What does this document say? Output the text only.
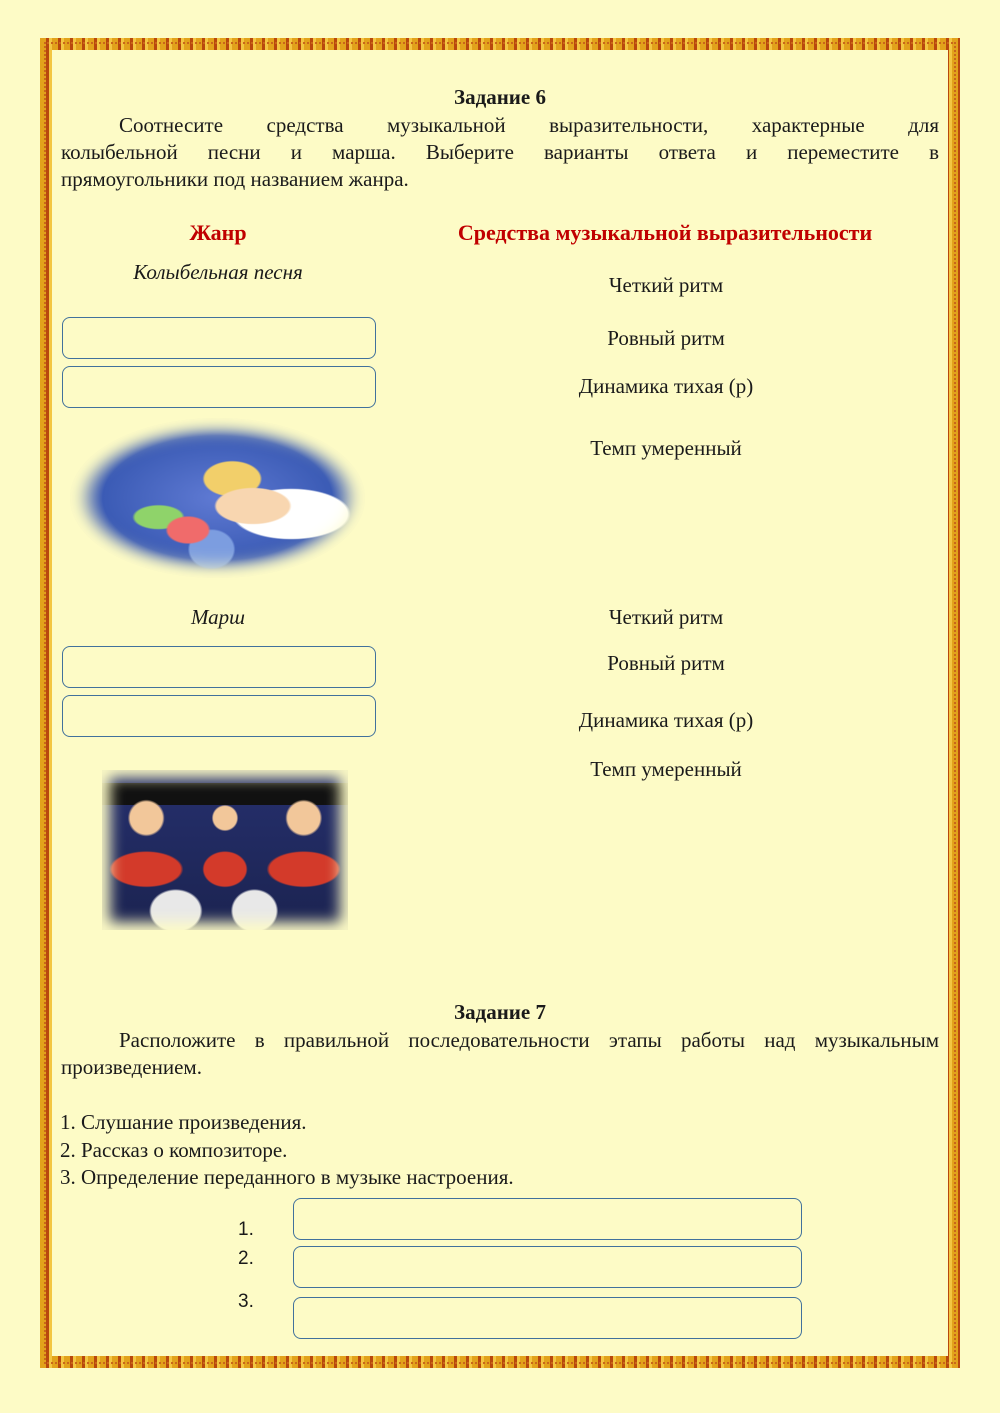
Задание 6
Соотнесите средства музыкальной выразительности, характерные для
колыбельной песни и марша. Выберите варианты ответа и переместите в
прямоугольники под названием жанра.
Жанр	Средства музыкальной выразительности
Колыбельная песня
Четкий ритм
Ровный ритм
Динамика тихая (p)
Темп умеренный
Марш	Четкий ритм
Ровный ритм
Динамика тихая (p)
Темп умеренный
Задание 7
Расположите в правильной последовательности этапы работы над музыкальным
произведением.
1. Слушание произведения.
2. Рассказ о композиторе.
3. Определение переданного в музыке настроения.
1.
2.
3.
